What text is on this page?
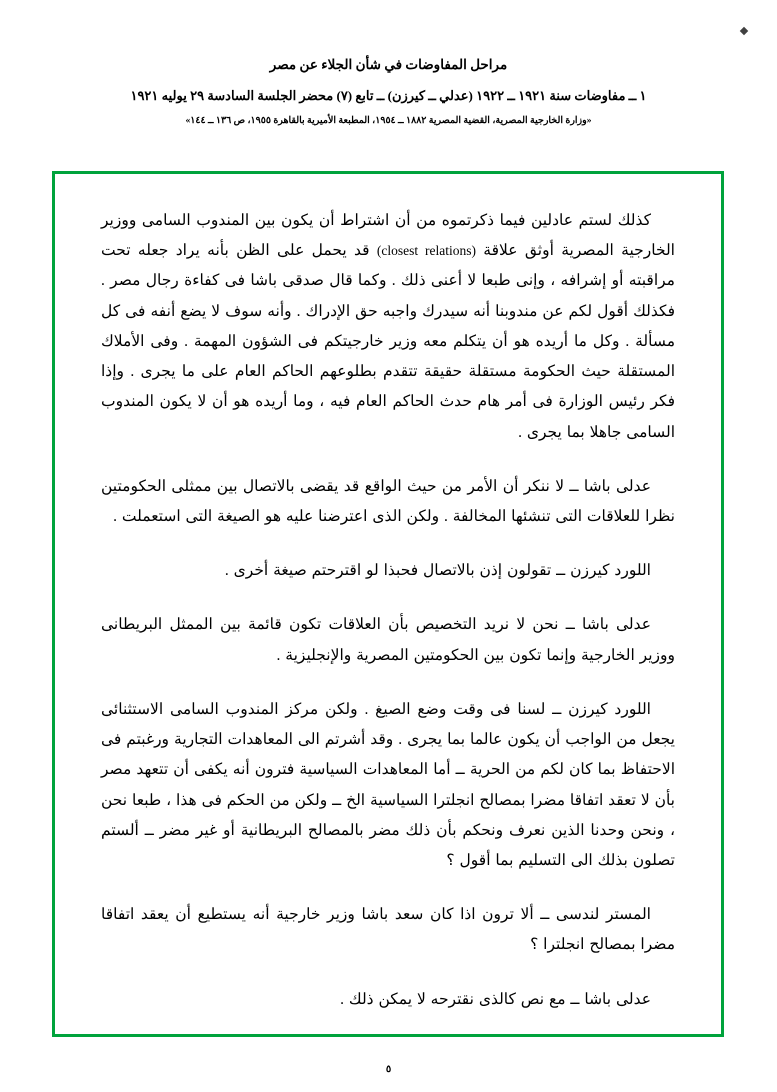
مراحل المفاوضات في شأن الجلاء عن مصر
١ ــ مفاوضات سنة ١٩٢١ ــ ١٩٢٢ (عدلي ــ كيرزن) ــ تابع (٧) محضر الجلسة السادسة ٢٩ يوليه ١٩٢١
«وزارة الخارجية المصرية، القضية المصرية ١٨٨٢ ــ ١٩٥٤، المطبعة الأميرية بالقاهرة ١٩٥٥، ص ١٣٦ ــ ١٤٤»

كذلك لستم عادلين فيما ذكرتموه من أن اشتراط أن يكون بين المندوب السامى ووزير الخارجية المصرية أوثق علاقة (closest relations) قد يحمل على الظن بأنه يراد جعله تحت مراقبته أو إشرافه ، وإنى طبعا لا أعنى ذلك . وكما قال صدقى باشا فى كفاءة رجال مصر . فكذلك أقول لكم عن مندوبنا أنه سيدرك واجبه حق الإدراك . وأنه سوف لا يضع أنفه فى كل مسألة . وكل ما أريده هو أن يتكلم معه وزير خارجيتكم فى الشؤون المهمة . وفى الأملاك المستقلة حيث الحكومة مستقلة حقيقة تتقدم بطلوعهم الحاكم العام على ما يجرى . وإذا فكر رئيس الوزارة فى أمر هام حدث الحاكم العام فيه ، وما أريده هو أن لا يكون المندوب السامى جاهلا بما يجرى .

عدلى باشا ــ لا ننكر أن الأمر من حيث الواقع قد يقضى بالاتصال بين ممثلى الحكومتين نظرا للعلاقات التى تنشئها المخالفة . ولكن الذى اعترضنا عليه هو الصيغة التى استعملت .

اللورد كيرزن ــ تقولون إذن بالاتصال فحبذا لو اقترحتم صيغة أخرى .

عدلى باشا ــ نحن لا نريد التخصيص بأن العلاقات تكون قائمة بين الممثل البريطانى ووزير الخارجية وإنما تكون بين الحكومتين المصرية والإنجليزية .

اللورد كيرزن ــ لسنا فى وقت وضع الصيغ . ولكن مركز المندوب السامى الاستثنائى يجعل من الواجب أن يكون عالما بما يجرى . وقد أشرتم الى المعاهدات التجارية ورغبتم فى الاحتفاظ بما كان لكم من الحرية ــ أما المعاهدات السياسية فترون أنه يكفى أن تتعهد مصر بأن لا تعقد اتفاقا مضرا بمصالح انجلترا السياسية الخ ــ ولكن من الحكم فى هذا ، طبعا نحن ، ونحن وحدنا الذين نعرف ونحكم بأن ذلك مضر بالمصالح البريطانية أو غير مضر ــ ألستم تصلون بذلك الى التسليم بما أقول ؟

المستر لندسى ــ ألا ترون اذا كان سعد باشا وزير خارجية أنه يستطيع أن يعقد اتفاقا مضرا بمصالح انجلترا ؟

عدلى باشا ــ مع نص كالذى نقترحه لا يمكن ذلك .

٥
